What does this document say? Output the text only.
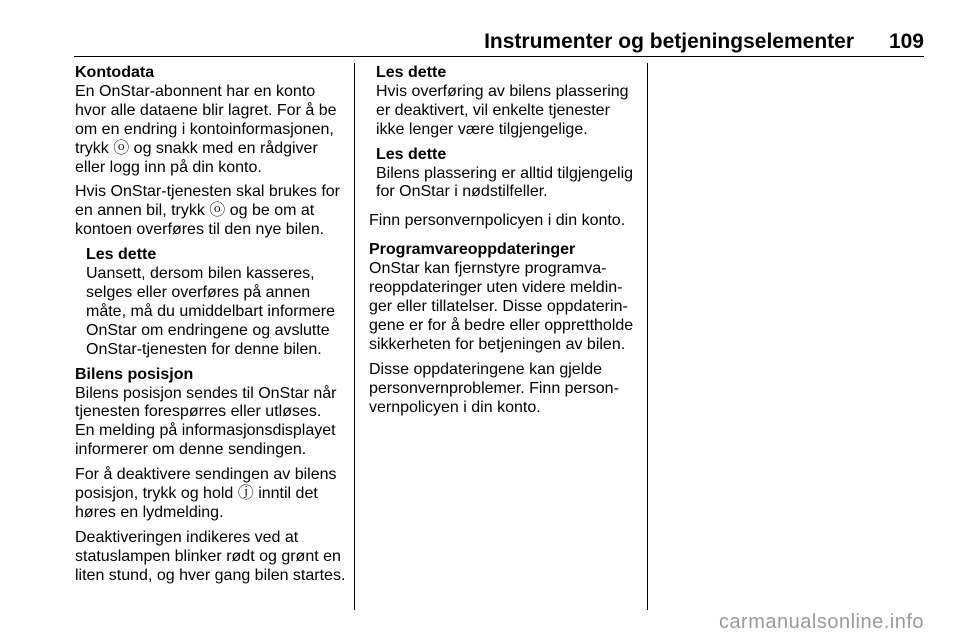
Instrumenter og betjeningselementer 109
Kontodata

En OnStar-abonnent har en konto
hvor alle dataene blir lagret. For å be
om en endring i kontoinformasjonen,
trykk ⓞ og snakk med en rådgiver
eller logg inn på din konto.

Hvis OnStar-tjenesten skal brukes for
en annen bil, trykk ⓞ og be om at
kontoen overføres til den nye bilen.

Les dette

Uansett, dersom bilen kasseres,
selges eller overføres på annen
måte, må du umiddelbart informere
OnStar om endringene og avslutte
OnStar-tjenesten for denne bilen.

Bilens posisjon

Bilens posisjon sendes til OnStar når
tjenesten forespørres eller utløses.
En melding på informasjonsdisplayet
informerer om denne sendingen.

For å deaktivere sendingen av bilens
posisjon, trykk og hold ⓙ inntil det
høres en lydmelding.

Deaktiveringen indikeres ved at
statuslampen blinker rødt og grønt en
liten stund, og hver gang bilen startes.

Les dette

Hvis overføring av bilens plassering
er deaktivert, vil enkelte tjenester
ikke lenger være tilgjengelige.

Les dette

Bilens plassering er alltid tilgjengelig
for OnStar i nødstilfeller.

Finn personvernpolicyen i din konto.

Programvareoppdateringer

OnStar kan fjernstyre programva-
reoppdateringer uten videre meldin-
ger eller tillatelser. Disse oppdaterin-
gene er for å bedre eller opprettholde
sikkerheten for betjeningen av bilen.

Disse oppdateringene kan gjelde
personvernproblemer. Finn person-
vernpolicyen i din konto.

carmanualsonline.info
